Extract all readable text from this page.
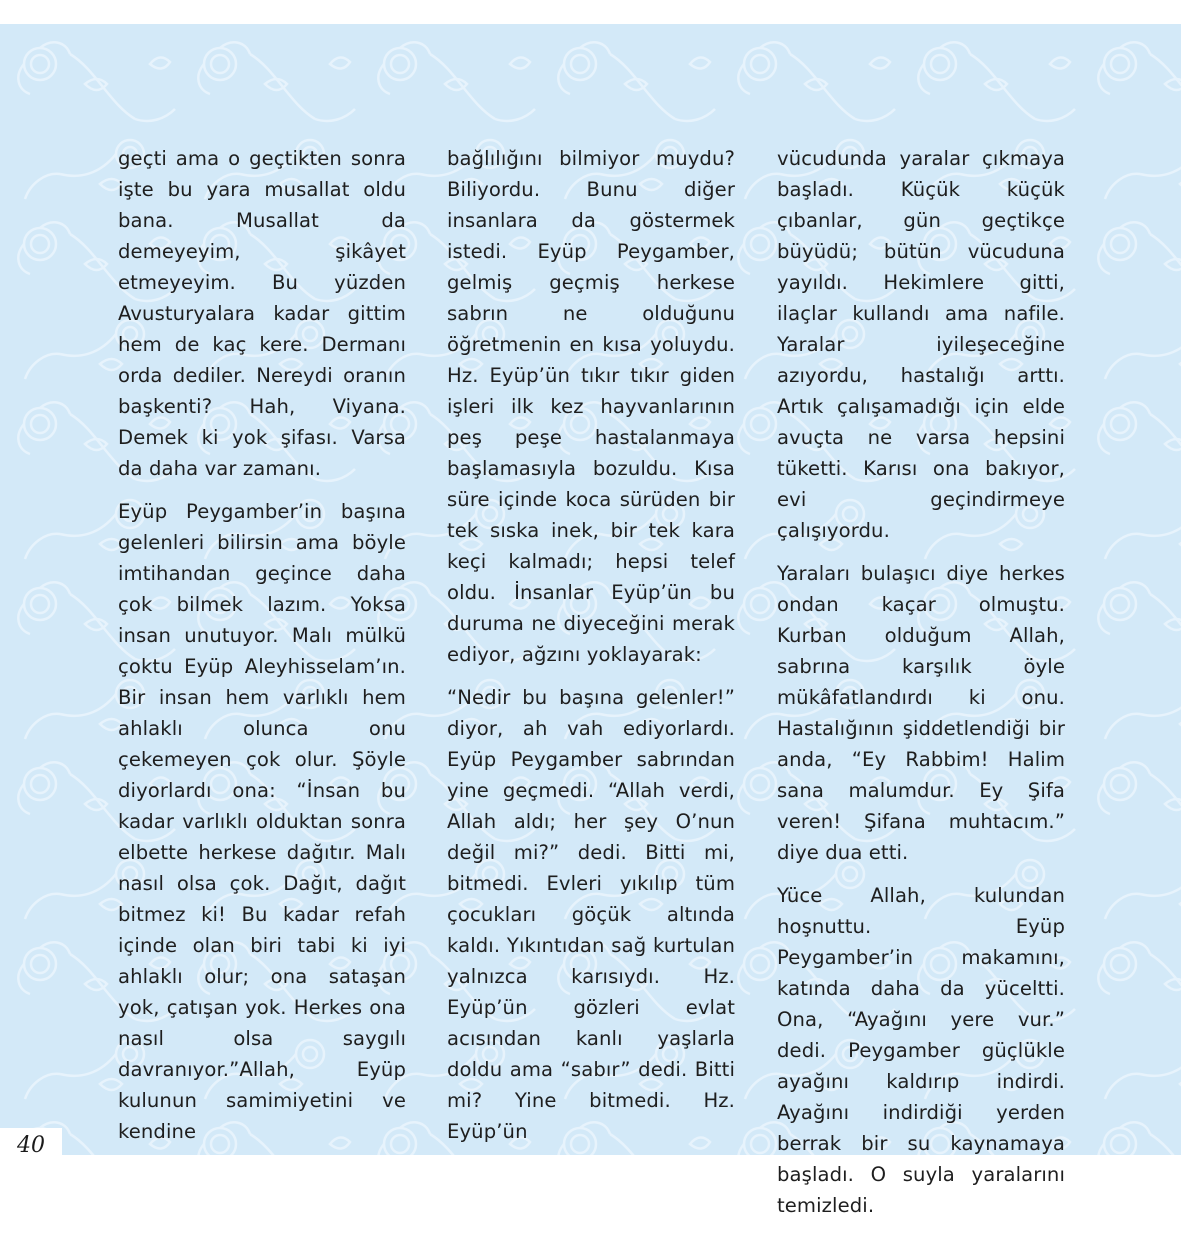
geçti ama o geçtikten sonra işte bu yara musallat oldu bana. Musallat da demeyeyim, şikâyet etmeyeyim. Bu yüzden Avusturyalara kadar gittim hem de kaç kere. Dermanı orda dediler. Nereydi oranın başkenti? Hah, Viyana. Demek ki yok şifası. Varsa da daha var zamanı.

Eyüp Peygamber’in başına gelenleri bilirsin ama böyle imtihandan geçince daha çok bilmek lazım. Yoksa insan unutuyor. Malı mülkü çoktu Eyüp Aleyhisselam’ın. Bir insan hem varlıklı hem ahlaklı olunca onu çekemeyen çok olur. Şöyle diyorlardı ona: “İnsan bu kadar varlıklı olduktan sonra elbette herkese dağıtır. Malı nasıl olsa çok. Dağıt, dağıt bitmez ki! Bu kadar refah içinde olan biri tabi ki iyi ahlaklı olur; ona sataşan yok, çatışan yok. Herkes ona nasıl olsa saygılı davranıyor.”Allah, Eyüp kulunun samimiyetini ve kendine

bağlılığını bilmiyor muydu? Biliyordu. Bunu diğer insanlara da göstermek istedi. Eyüp Peygamber, gelmiş geçmiş herkese sabrın ne olduğunu öğretmenin en kısa yoluydu. Hz. Eyüp’ün tıkır tıkır giden işleri ilk kez hayvanlarının peş peşe hastalanmaya başlamasıyla bozuldu. Kısa süre içinde koca sürüden bir tek sıska inek, bir tek kara keçi kalmadı; hepsi telef oldu. İnsanlar Eyüp’ün bu duruma ne diyeceğini merak ediyor, ağzını yoklayarak:

“Nedir bu başına gelenler!” diyor, ah vah ediyorlardı. Eyüp Peygamber sabrından yine geçmedi. “Allah verdi, Allah aldı; her şey O’nun değil mi?” dedi. Bitti mi, bitmedi. Evleri yıkılıp tüm çocukları göçük altında kaldı. Yıkıntıdan sağ kurtulan yalnızca karısıydı. Hz. Eyüp’ün gözleri evlat acısından kanlı yaşlarla doldu ama “sabır” dedi. Bitti mi? Yine bitmedi. Hz. Eyüp’ün

vücudunda yaralar çıkmaya başladı. Küçük küçük çıbanlar, gün geçtikçe büyüdü; bütün vücuduna yayıldı. Hekimlere gitti, ilaçlar kullandı ama nafile. Yaralar iyileşeceğine azıyordu, hastalığı arttı. Artık çalışamadığı için elde avuçta ne varsa hepsini tüketti. Karısı ona bakıyor, evi geçindirmeye çalışıyordu.

Yaraları bulaşıcı diye herkes ondan kaçar olmuştu. Kurban olduğum Allah, sabrına karşılık öyle mükâfatlandırdı ki onu. Hastalığının şiddetlendiği bir anda, “Ey Rabbim! Halim sana malumdur. Ey Şifa veren! Şifana muhtacım.” diye dua etti.

Yüce Allah, kulundan hoşnuttu. Eyüp Peygamber’in makamını, katında daha da yüceltti. Ona, “Ayağını yere vur.” dedi. Peygamber güçlükle ayağını kaldırıp indirdi. Ayağını indirdiği yerden berrak bir su kaynamaya başladı. O suyla yaralarını temizledi.

40
